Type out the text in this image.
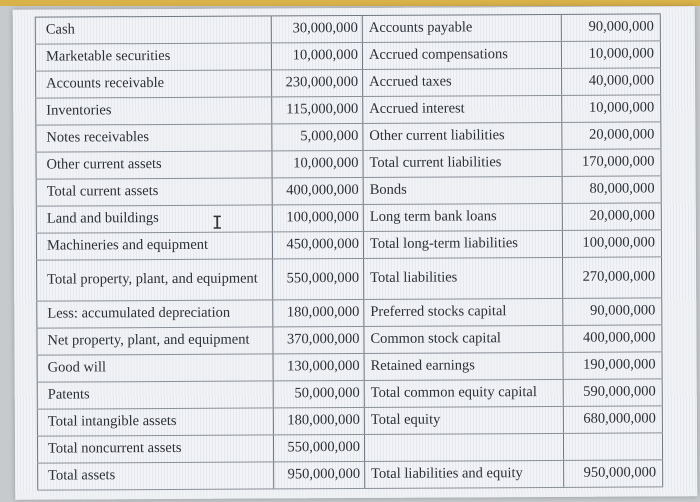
Cash	30,000,000 Accounts payable	90,000,000
Marketable securities	10,000,000 Accrued compensations	10,000,000
Accounts receivable	230,000,000 Accrued taxes	40,000,000
Inventories	115,000,000 Accrued interest	10,000,000
Notes receivables	5,000,000 Other current liabilities	20,000,000
Other current assets	10,000,000 Total current liabilities	170,000,000
Total current assets	400,000,000 Bonds	80,000,000
Land and buildings	100,000,000 Long term bank loans	20,000,000
Machineries and equipment	450,000,000 Total long-term liabilities	100,000,000
Total property, plant, and equipment	550,000,000 Total liabilities	270,000,000
Less: accumulated depreciation	180,000,000 Preferred stocks capital	90,000,000
Net property, plant, and equipment	370,000,000 Common stock capital	400,000,000
Good will	130,000,000 Retained earnings	190,000,000
Patents	50,000,000 Total common equity capital	590,000,000
Total intangible assets	180,000,000 Total equity	680,000,000
Total noncurrent assets	550,000,000
Total assets	950,000,000 Total liabilities and equity	950,000,000
Ι
